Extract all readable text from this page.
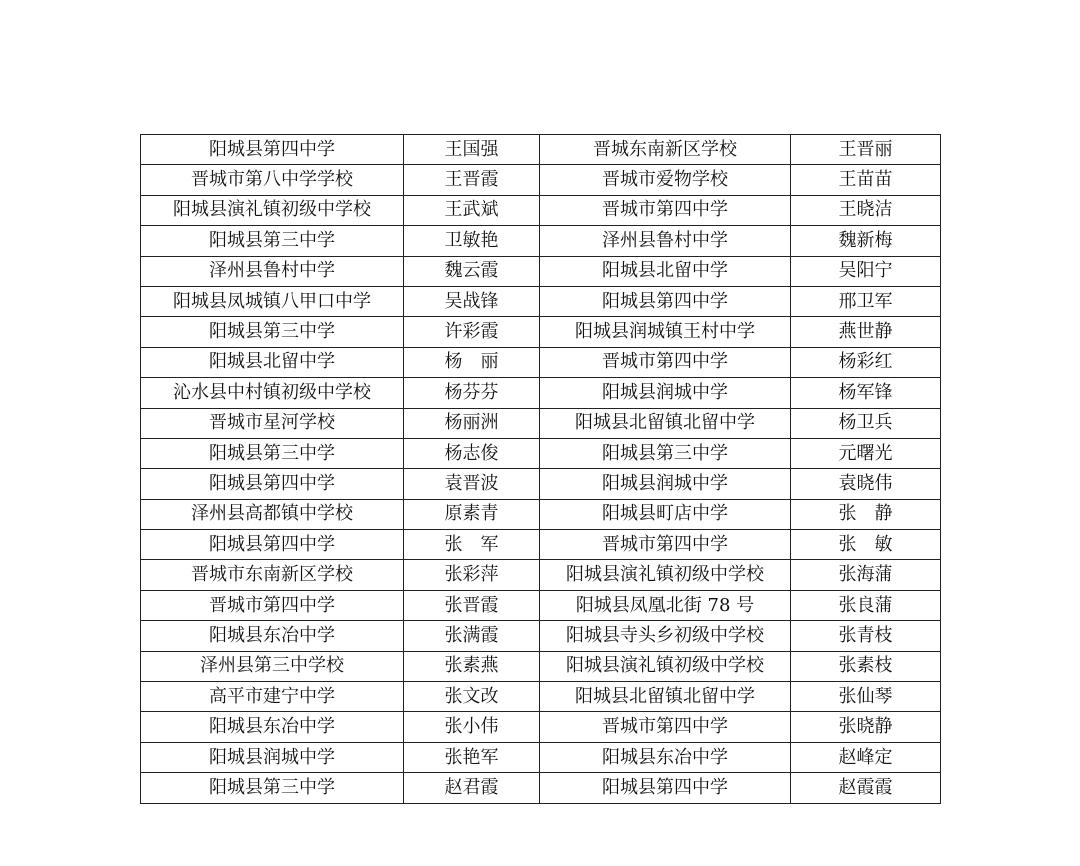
阳城县第四中学	王国强	晋城东南新区学校	王晋丽
晋城市第八中学学校	王晋霞	晋城市爱物学校	王苗苗
阳城县演礼镇初级中学校	王武斌	晋城市第四中学	王晓洁
阳城县第三中学	卫敏艳	泽州县鲁村中学	魏新梅
泽州县鲁村中学	魏云霞	阳城县北留中学	吴阳宁
阳城县凤城镇八甲口中学	吴战锋	阳城县第四中学	邢卫军
阳城县第三中学	许彩霞	阳城县润城镇王村中学	燕世静
阳城县北留中学	杨　丽	晋城市第四中学	杨彩红
沁水县中村镇初级中学校	杨芬芬	阳城县润城中学	杨军锋
晋城市星河学校	杨丽洲	阳城县北留镇北留中学	杨卫兵
阳城县第三中学	杨志俊	阳城县第三中学	元曙光
阳城县第四中学	袁晋波	阳城县润城中学	袁晓伟
泽州县高都镇中学校	原素青	阳城县町店中学	张　静
阳城县第四中学	张　军	晋城市第四中学	张　敏
晋城市东南新区学校	张彩萍	阳城县演礼镇初级中学校	张海蒲
晋城市第四中学	张晋霞	阳城县凤凰北街 78 号	张良蒲
阳城县东冶中学	张满霞	阳城县寺头乡初级中学校	张青枝
泽州县第三中学校	张素燕	阳城县演礼镇初级中学校	张素枝
高平市建宁中学	张文改	阳城县北留镇北留中学	张仙琴
阳城县东冶中学	张小伟	晋城市第四中学	张晓静
阳城县润城中学	张艳军	阳城县东冶中学	赵峰定
阳城县第三中学	赵君霞	阳城县第四中学	赵霞霞
